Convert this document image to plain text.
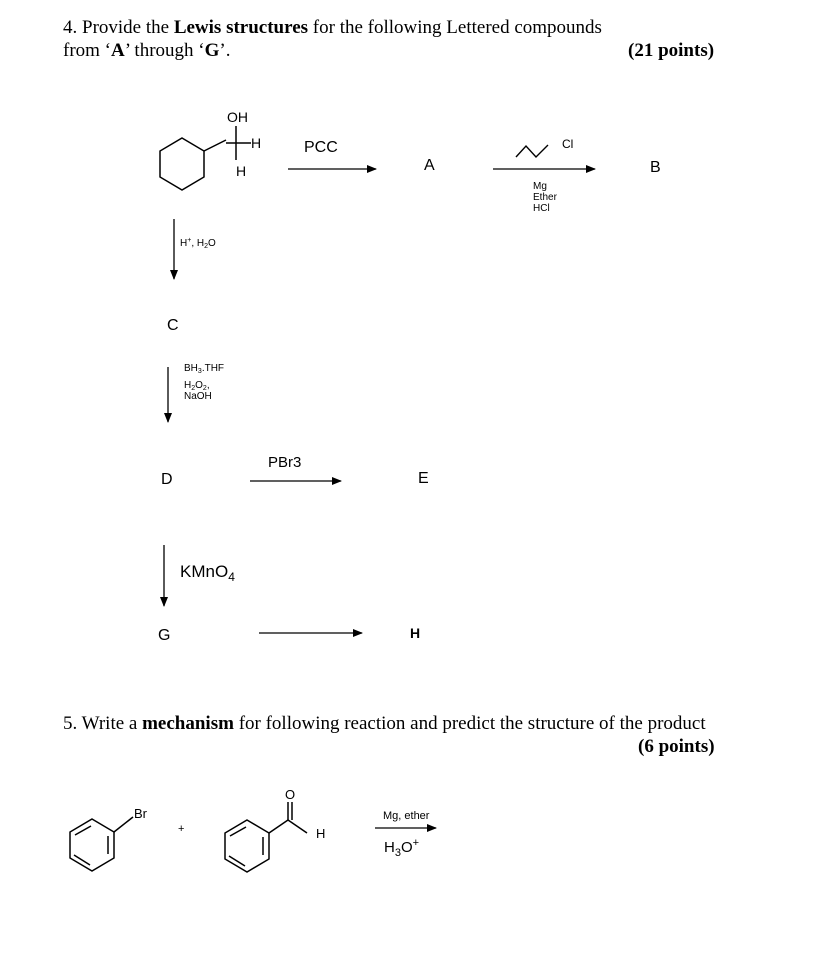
4. Provide the Lewis structures for the following Lettered compounds
from ‘A’ through ‘G’.	(21 points)
OH
H
H
PCC
A
Cl
Mg
Ether
HCl
B
H+, $H_2O$
C
$BH_3.THF$
$H_2O_2$,
NaOH
D
PBr3
E
KMnO$_4$
G	H
Br
+
O
H
Mg, ether
$H_3O^+$
5. Write a mechanism for following reaction and predict the structure of the product
(6 points)
